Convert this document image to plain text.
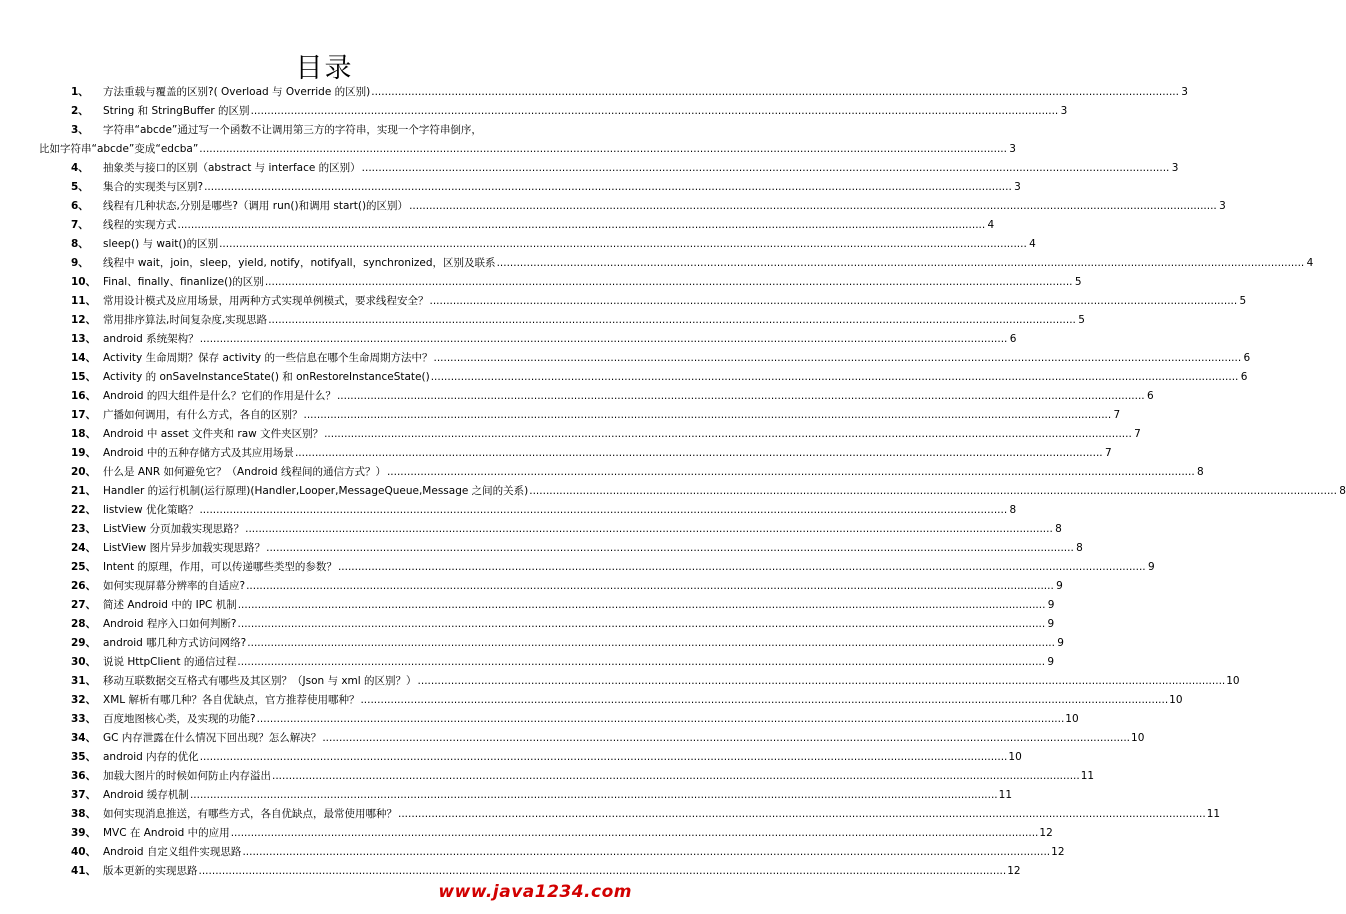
目录
1、	方法重载与覆盖的区别?( Overload 与 Override 的区别) .....	3
2、	String 和 StringBuffer 的区别 .....	3
3、	字符串“abcde”通过写一个函数不让调用第三方的字符串，实现一个字符串倒序，
比如字符串“abcde”变成“edcba” .....	3
4、	抽象类与接口的区别（abstract 与 interface 的区别） .....	3
5、	集合的实现类与区别? .....	3
6、	线程有几种状态,分别是哪些?（调用 run()和调用 start()的区别） .....	3
7、	线程的实现方式 .....	4
8、	sleep() 与 wait()的区别 .....	4
9、	线程中 wait，join，sleep，yield, notify，notifyall，synchronized，区别及联系 .....	4
10、 Final、finally、finanlize()的区别 .....	5
11、 常用设计模式及应用场景，用两种方式实现单例模式，要求线程安全？ .....	5
12、 常用排序算法,时间复杂度,实现思路 .....	5
13、 android 系统架构？ .....	6
14、 Activity 生命周期？保存 activity 的一些信息在哪个生命周期方法中？ .....	6
15、 Activity 的 onSaveInstanceState() 和 onRestoreInstanceState() .....	6
16、 Android 的四大组件是什么？它们的作用是什么？ .....	6
17、 广播如何调用，有什么方式，各自的区别？ .....	7
18、 Android 中 asset 文件夹和 raw 文件夹区别？ .....	7
19、 Android 中的五种存储方式及其应用场景 .....	7
20、 什么是 ANR 如何避免它？（Android 线程间的通信方式？） .....	8
21、 Handler 的运行机制(运行原理)(Handler,Looper,MessageQueue,Message 之间的关系) .....	8
22、 listview 优化策略？ .....	8
23、 ListView 分页加载实现思路？ .....	8
24、 ListView 图片异步加载实现思路？ .....	8
25、 Intent 的原理，作用，可以传递哪些类型的参数？ .....	9
26、 如何实现屏幕分辨率的自适应? .....	9
27、 简述 Android 中的 IPC 机制 .....	9
28、 Android 程序入口如何判断? .....	9
29、 android 哪几种方式访问网络? .....	9
30、 说说 HttpClient 的通信过程 .....	9
31、 移动互联数据交互格式有哪些及其区别？（Json 与 xml 的区别？） .....	10
32、 XML 解析有哪几种？各自优缺点，官方推荐使用哪种？ .....	10
33、 百度地图核心类，及实现的功能? .....	10
34、 GC 内存泄露在什么情况下回出现？怎么解决？ .....	10
35、 android 内存的优化 .....	10
36、 加载大图片的时候如何防止内存溢出 .....	11
37、 Android 缓存机制 .....	11
38、 如何实现消息推送，有哪些方式，各自优缺点，最常使用哪种？ .....	11
39、 MVC 在 Android 中的应用 .....	12
40、 Android 自定义组件实现思路 .....	12
41、 版本更新的实现思路 .....	12
www.java1234.com
